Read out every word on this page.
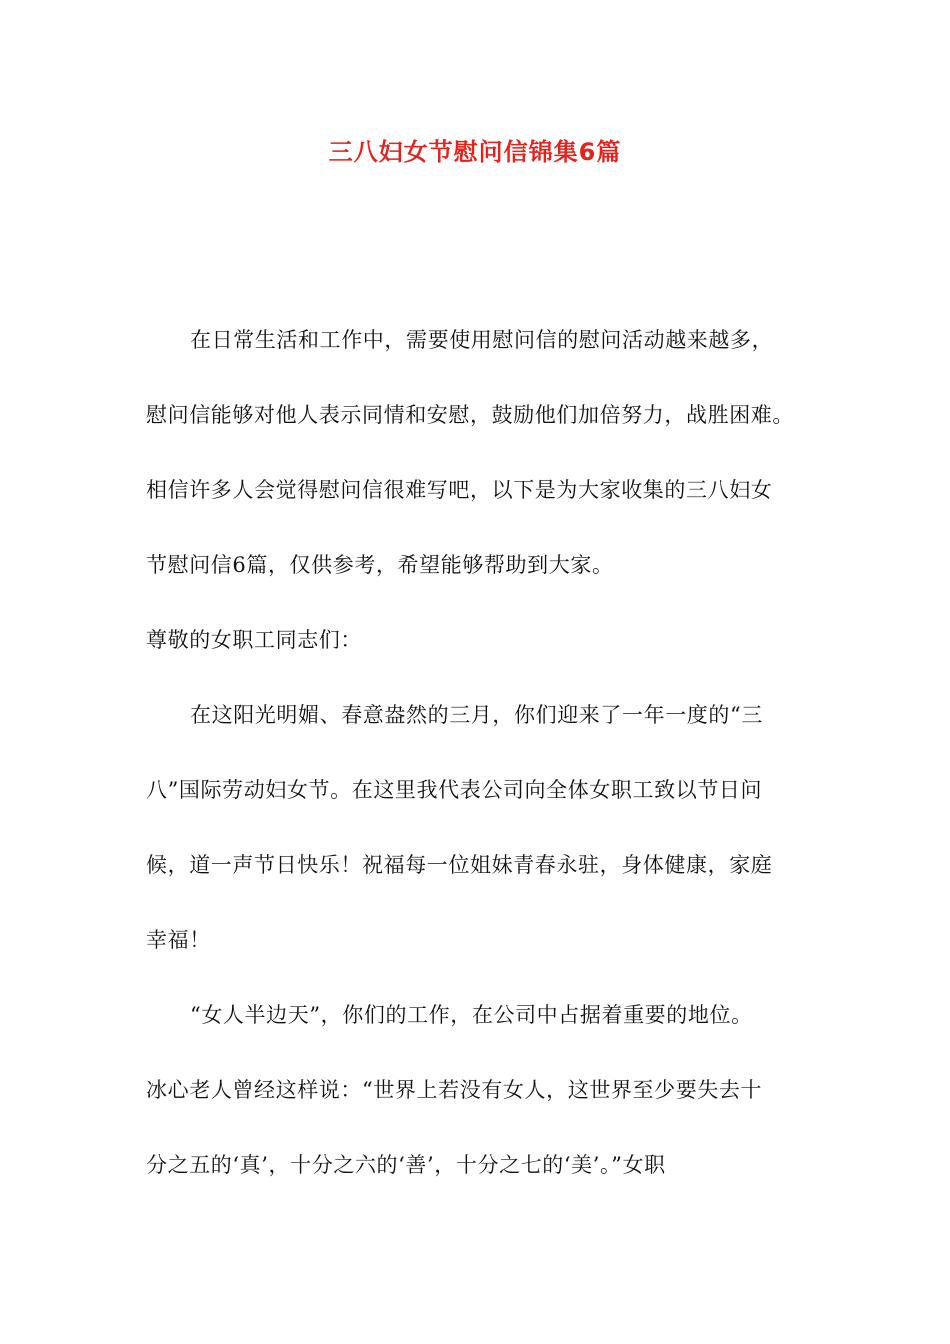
三八妇女节慰问信锦集6篇
在日常生活和工作中，需要使用慰问信的慰问活动越来越多，
慰问信能够对他人表示同情和安慰，鼓励他们加倍努力，战胜困难。
相信许多人会觉得慰问信很难写吧，以下是为大家收集的三八妇女
节慰问信6篇，仅供参考，希望能够帮助到大家。
尊敬的女职工同志们：
在这阳光明媚、春意盎然的三月，你们迎来了一年一度的“三
八”国际劳动妇女节。在这里我代表公司向全体女职工致以节日问
候，道一声节日快乐！祝福每一位姐妹青春永驻，身体健康，家庭
幸福！
“女人半边天”，你们的工作，在公司中占据着重要的地位。
冰心老人曾经这样说：“世界上若没有女人，这世界至少要失去十
分之五的‘真’，十分之六的‘善’，十分之七的‘美’。”女职
